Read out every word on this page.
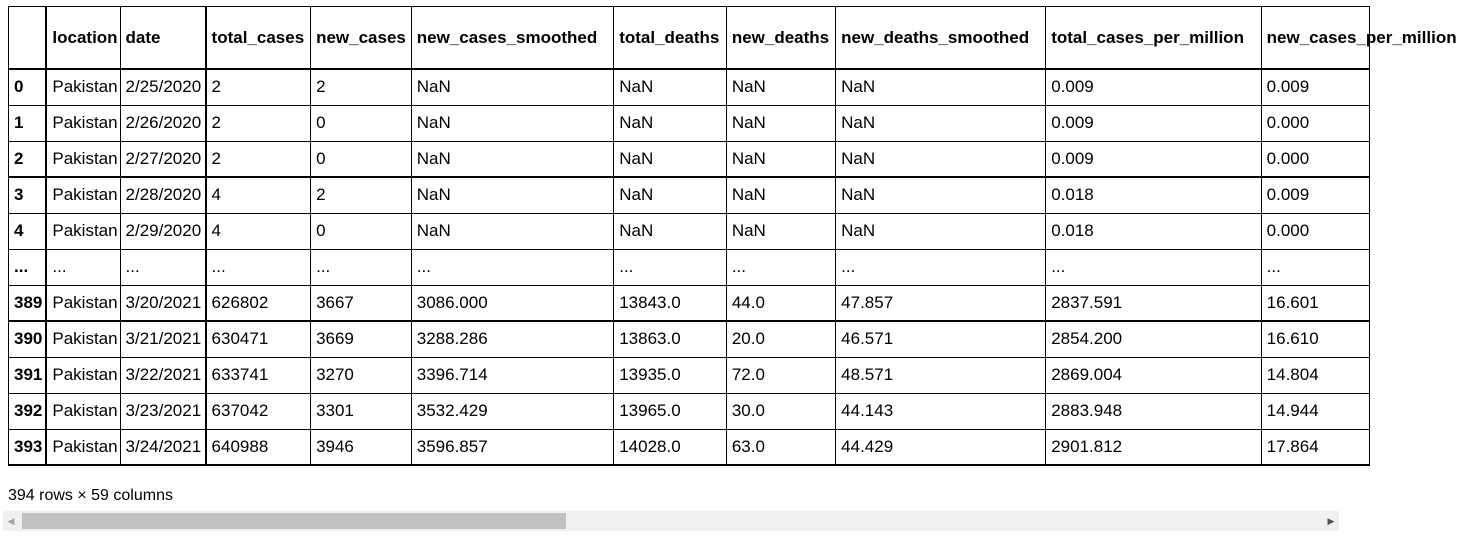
	location	date	total_cases	new_cases	new_cases_smoothed	total_deaths	new_deaths	new_deaths_smoothed	total_cases_per_million	new_cases_per_million
0	Pakistan	2/25/2020	2	2	NaN	NaN	NaN	NaN	0.009	0.009
1	Pakistan	2/26/2020	2	0	NaN	NaN	NaN	NaN	0.009	0.000
2	Pakistan	2/27/2020	2	0	NaN	NaN	NaN	NaN	0.009	0.000
3	Pakistan	2/28/2020	4	2	NaN	NaN	NaN	NaN	0.018	0.009
4	Pakistan	2/29/2020	4	0	NaN	NaN	NaN	NaN	0.018	0.000
...	...	...	...	...	...	...	...	...	...	...
389	Pakistan	3/20/2021	626802	3667	3086.000	13843.0	44.0	47.857	2837.591	16.601
390	Pakistan	3/21/2021	630471	3669	3288.286	13863.0	20.0	46.571	2854.200	16.610
391	Pakistan	3/22/2021	633741	3270	3396.714	13935.0	72.0	48.571	2869.004	14.804
392	Pakistan	3/23/2021	637042	3301	3532.429	13965.0	30.0	44.143	2883.948	14.944
393	Pakistan	3/24/2021	640988	3946	3596.857	14028.0	63.0	44.429	2901.812	17.864
394 rows × 59 columns
◀	▶
